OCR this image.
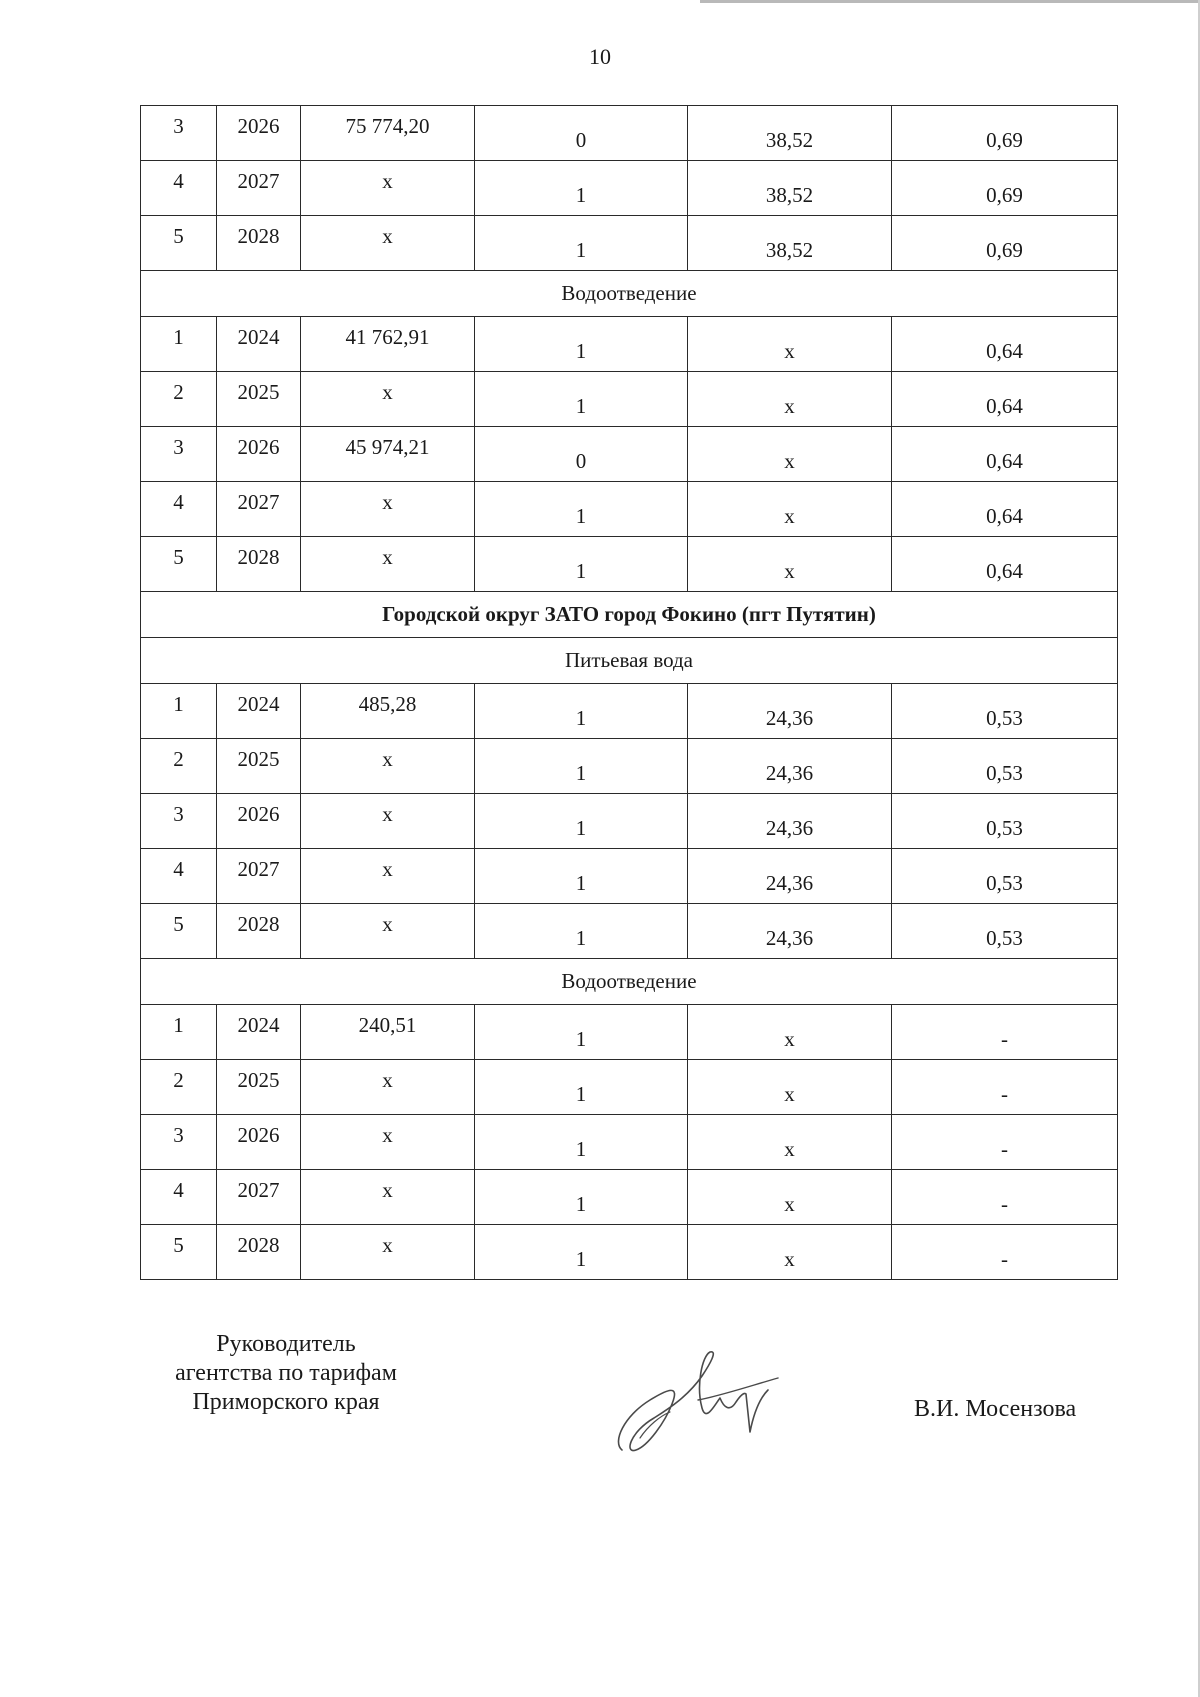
10
3	2026	75 774,20	0	38,52	0,69
4	2027	x	1	38,52	0,69
5	2028	x	1	38,52	0,69
Водоотведение					
1	2024	41 762,91	1	x	0,64
2	2025	x	1	x	0,64
3	2026	45 974,21	0	x	0,64
4	2027	x	1	x	0,64
5	2028	x	1	x	0,64
Городской округ ЗАТО город Фокино (пгт Путятин)					
Питьевая вода					
1	2024	485,28	1	24,36	0,53
2	2025	x	1	24,36	0,53
3	2026	x	1	24,36	0,53
4	2027	x	1	24,36	0,53
5	2028	x	1	24,36	0,53
Водоотведение					
1	2024	240,51	1	x	-
2	2025	x	1	x	-
3	2026	x	1	x	-
4	2027	x	1	x	-
5	2028	x	1	x	-
Руководитель
агентства по тарифам
Приморского края	В.И. Мосензова
